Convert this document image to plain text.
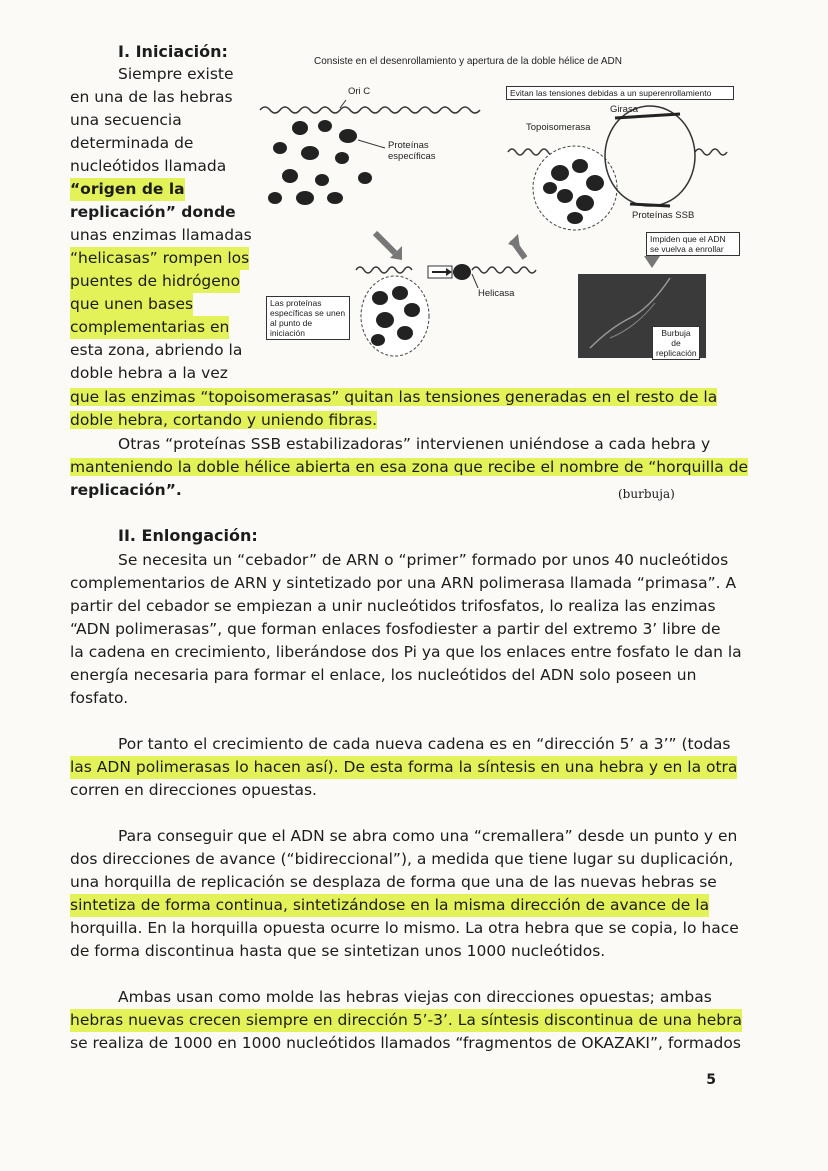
I. Iniciación:
Siempre existe
en una de las hebras
una secuencia
determinada de
nucleótidos llamada
“origen de la
replicación” donde
unas enzimas llamadas
“helicasas” rompen los
puentes de hidrógeno
que unen bases
complementarias en
esta zona, abriendo la
doble hebra a la vez
Consiste en el desenrollamiento y apertura de la doble hélice de ADN
Ori C
Proteínas específicas
Evitan las tensiones debidas a un superenrollamiento
Girasa
Topoisomerasa
Proteínas SSB
Impiden que el ADN se vuelva a enrollar
Helicasa
Las proteínas específicas se unen al punto de iniciación	Burbuja de replicación
que las enzimas “topoisomerasas” quitan las tensiones generadas en el resto de la
doble hebra, cortando y uniendo fibras.
Otras “proteínas SSB estabilizadoras” intervienen uniéndose a cada hebra y
manteniendo la doble hélice abierta en esa zona que recibe el nombre de “horquilla de
replicación”.	(burbuja)
II. Enlongación:
Se necesita un “cebador” de ARN o “primer” formado por unos 40 nucleótidos
complementarios de ARN y sintetizado por una ARN polimerasa llamada “primasa”. A
partir del cebador se empiezan a unir nucleótidos trifosfatos, lo realiza las enzimas
“ADN polimerasas”, que forman enlaces fosfodiester a partir del extremo 3’ libre de
la cadena en crecimiento, liberándose dos Pi ya que los enlaces entre fosfato le dan la
energía necesaria para formar el enlace, los nucleótidos del ADN solo poseen un
fosfato.
Por tanto el crecimiento de cada nueva cadena es en “dirección 5’ a 3’” (todas
las ADN polimerasas lo hacen así). De esta forma la síntesis en una hebra y en la otra
corren en direcciones opuestas.
Para conseguir que el ADN se abra como una “cremallera” desde un punto y en
dos direcciones de avance (“bidireccional”), a medida que tiene lugar su duplicación,
una horquilla de replicación se desplaza de forma que una de las nuevas hebras se
sintetiza de forma continua, sintetizándose en la misma dirección de avance de la
horquilla. En la horquilla opuesta ocurre lo mismo. La otra hebra que se copia, lo hace
de forma discontinua hasta que se sintetizan unos 1000 nucleótidos.
Ambas usan como molde las hebras viejas con direcciones opuestas; ambas
hebras nuevas crecen siempre en dirección 5’-3’. La síntesis discontinua de una hebra
se realiza de 1000 en 1000 nucleótidos llamados “fragmentos de OKAZAKI”, formados
5
